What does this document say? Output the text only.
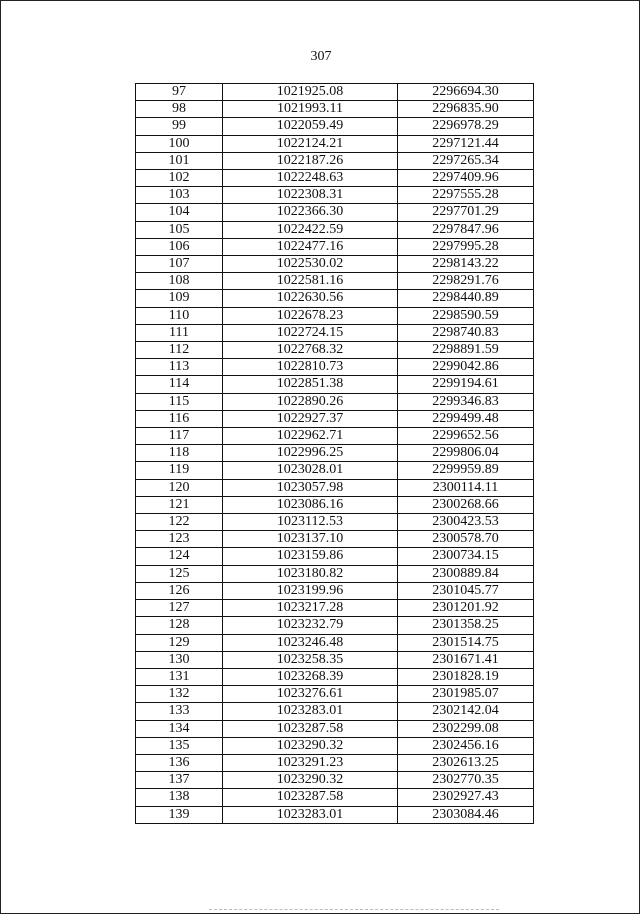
307
97	1021925.08	2296694.30
98	1021993.11	2296835.90
99	1022059.49	2296978.29
100	1022124.21	2297121.44
101	1022187.26	2297265.34
102	1022248.63	2297409.96
103	1022308.31	2297555.28
104	1022366.30	2297701.29
105	1022422.59	2297847.96
106	1022477.16	2297995.28
107	1022530.02	2298143.22
108	1022581.16	2298291.76
109	1022630.56	2298440.89
110	1022678.23	2298590.59
111	1022724.15	2298740.83
112	1022768.32	2298891.59
113	1022810.73	2299042.86
114	1022851.38	2299194.61
115	1022890.26	2299346.83
116	1022927.37	2299499.48
117	1022962.71	2299652.56
118	1022996.25	2299806.04
119	1023028.01	2299959.89
120	1023057.98	2300114.11
121	1023086.16	2300268.66
122	1023112.53	2300423.53
123	1023137.10	2300578.70
124	1023159.86	2300734.15
125	1023180.82	2300889.84
126	1023199.96	2301045.77
127	1023217.28	2301201.92
128	1023232.79	2301358.25
129	1023246.48	2301514.75
130	1023258.35	2301671.41
131	1023268.39	2301828.19
132	1023276.61	2301985.07
133	1023283.01	2302142.04
134	1023287.58	2302299.08
135	1023290.32	2302456.16
136	1023291.23	2302613.25
137	1023290.32	2302770.35
138	1023287.58	2302927.43
139	1023283.01	2303084.46
